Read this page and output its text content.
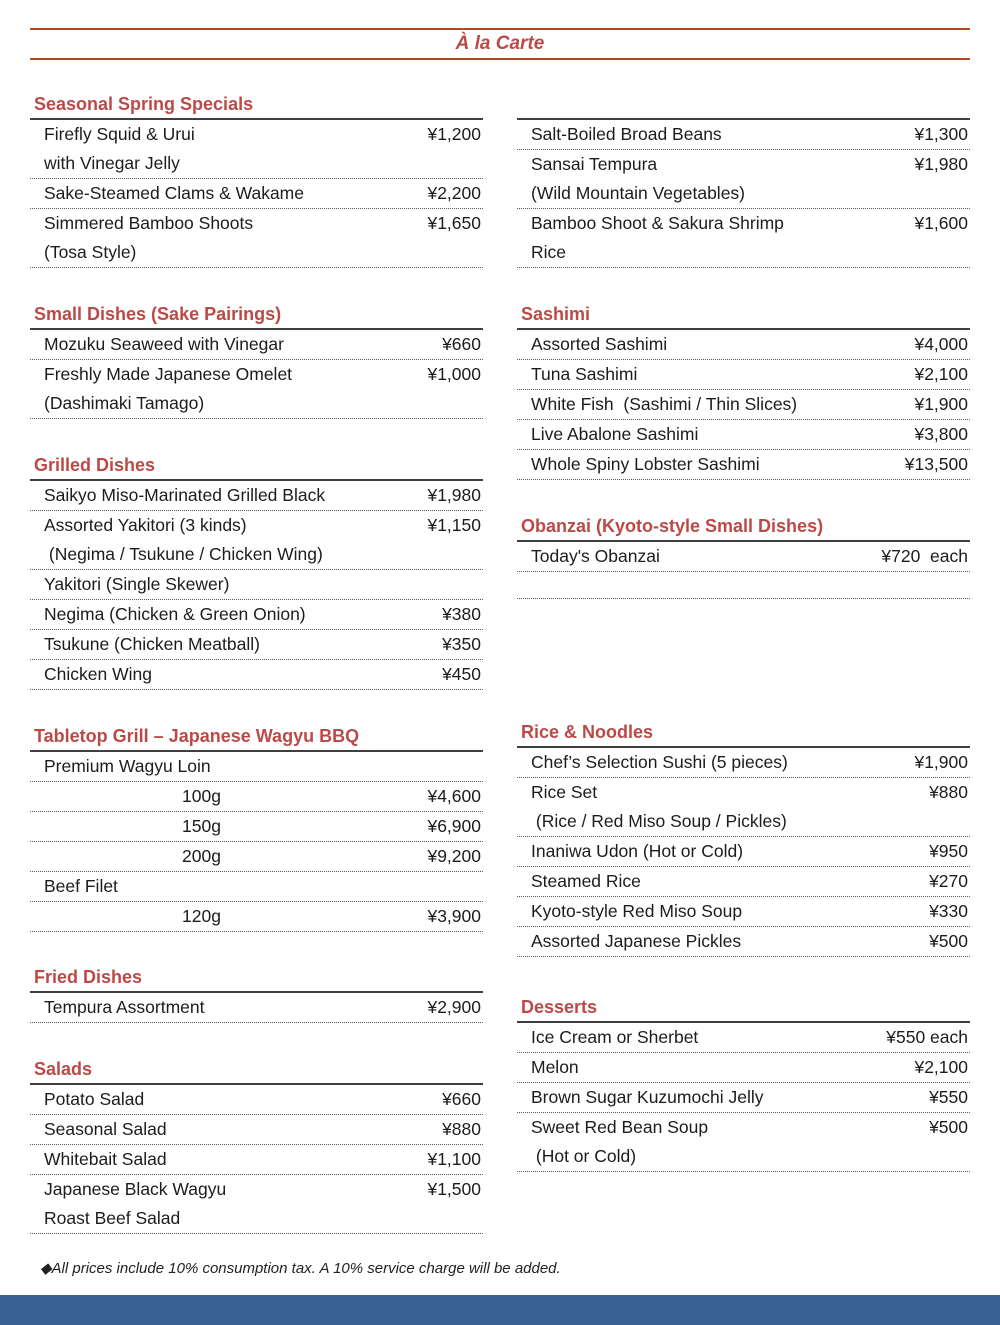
À la Carte
Seasonal Spring Specials
Firefly Squid & Urui	¥1,200
with Vinegar Jelly
Sake-Steamed Clams & Wakame	¥2,200
Simmered Bamboo Shoots	¥1,650
(Tosa Style)
Small Dishes (Sake Pairings)
Mozuku Seaweed with Vinegar	¥660
Freshly Made Japanese Omelet	¥1,000
(Dashimaki Tamago)
Grilled Dishes
Saikyo Miso-Marinated Grilled Black	¥1,980
Assorted Yakitori (3 kinds)	¥1,150
(Negima / Tsukune / Chicken Wing)
Yakitori (Single Skewer)
Negima (Chicken & Green Onion)	¥380
Tsukune (Chicken Meatball)	¥350
Chicken Wing	¥450
Tabletop Grill – Japanese Wagyu BBQ
Premium Wagyu Loin
100g	¥4,600
150g	¥6,900
200g	¥9,200
Beef Filet
120g	¥3,900
Fried Dishes
Tempura Assortment	¥2,900
Salads
Potato Salad	¥660
Seasonal Salad	¥880
Whitebait Salad	¥1,100
Japanese Black Wagyu	¥1,500
Roast Beef Salad
Salt-Boiled Broad Beans	¥1,300
Sansai Tempura	¥1,980
(Wild Mountain Vegetables)
Bamboo Shoot & Sakura Shrimp	¥1,600
Rice
Sashimi
Assorted Sashimi	¥4,000
Tuna Sashimi	¥2,100
White Fish  (Sashimi / Thin Slices)	¥1,900
Live Abalone Sashimi	¥3,800
Whole Spiny Lobster Sashimi	¥13,500
Obanzai (Kyoto-style Small Dishes)
Today's Obanzai	¥720  each
Rice & Noodles
Chef’s Selection Sushi (5 pieces)	¥1,900
Rice Set	¥880
(Rice / Red Miso Soup / Pickles)
Inaniwa Udon (Hot or Cold)	¥950
Steamed Rice	¥270
Kyoto-style Red Miso Soup	¥330
Assorted Japanese Pickles	¥500
Desserts
Ice Cream or Sherbet	¥550 each
Melon	¥2,100
Brown Sugar Kuzumochi Jelly	¥550
Sweet Red Bean Soup	¥500
(Hot or Cold)
◆All prices include 10% consumption tax. A 10% service charge will be added.
